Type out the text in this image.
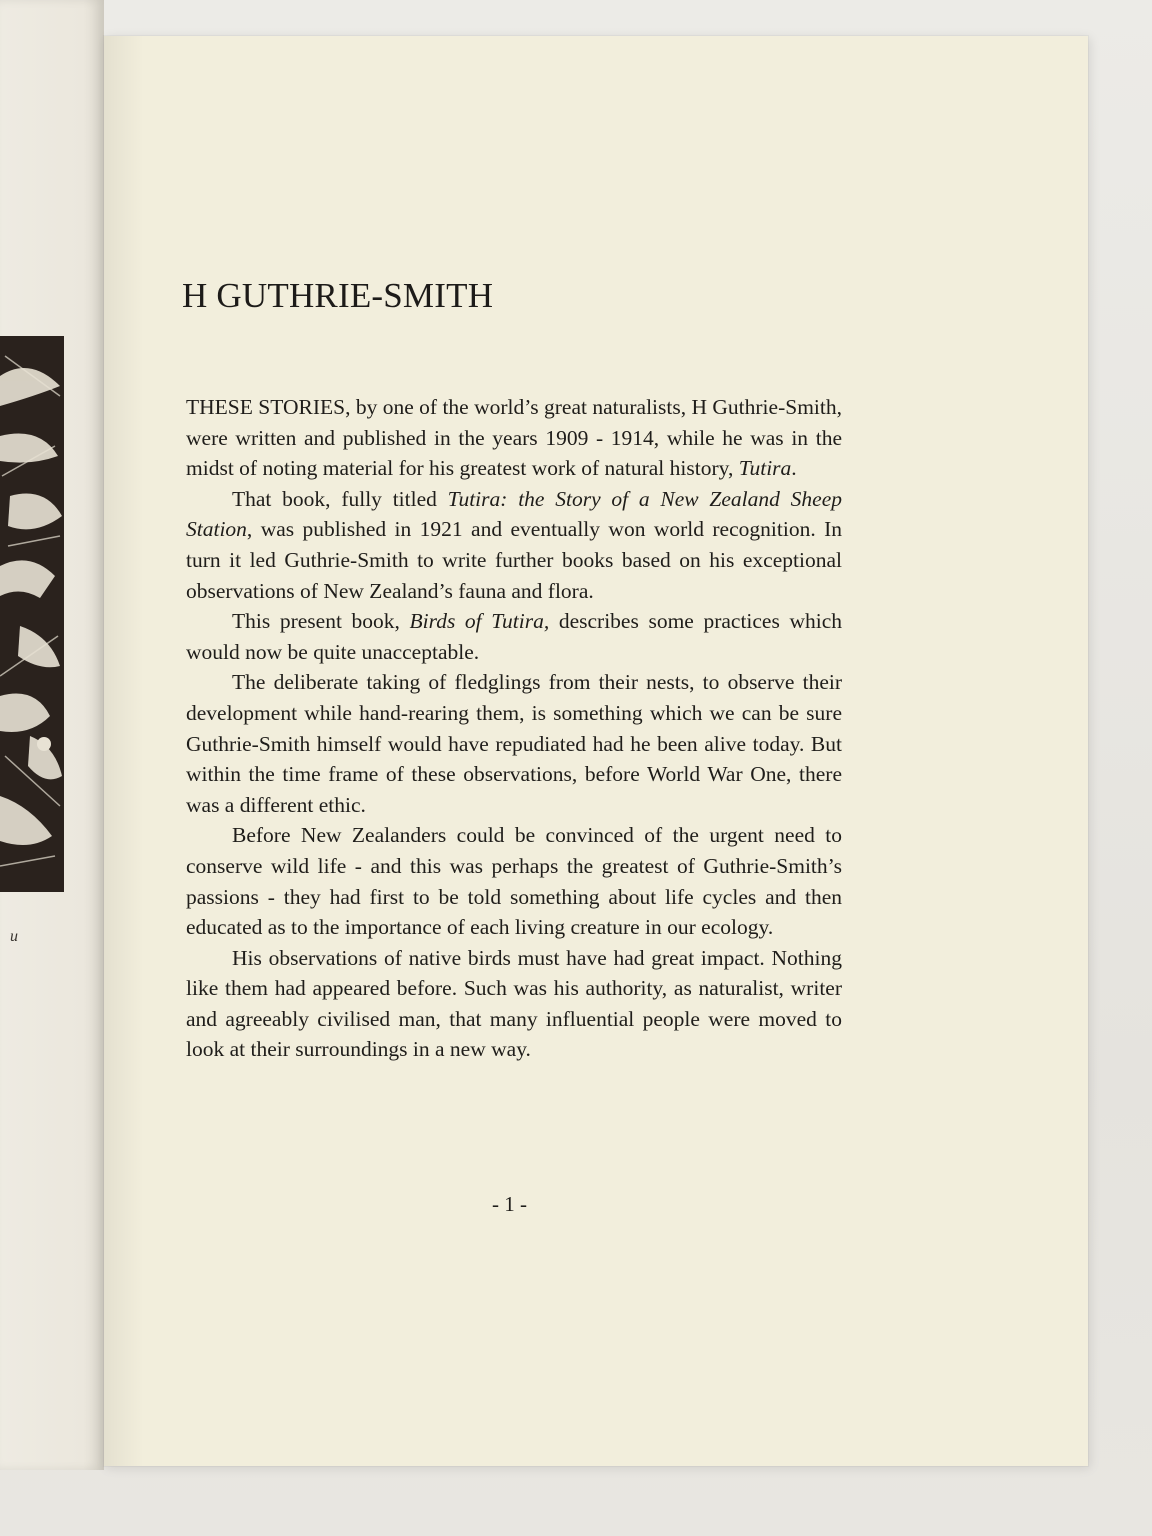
u
H GUTHRIE-SMITH

THESE STORIES, by one of the world’s great naturalists, H Guthrie-Smith, were written and published in the years 1909 - 1914, while he was in the midst of noting material for his greatest work of natural history, Tutira.

That book, fully titled Tutira: the Story of a New Zealand Sheep Station, was published in 1921 and eventually won world recognition. In turn it led Guthrie-Smith to write further books based on his exceptional observations of New Zealand’s fauna and flora.

This present book, Birds of Tutira, describes some practices which would now be quite unacceptable.

The deliberate taking of fledglings from their nests, to observe their development while hand-rearing them, is something which we can be sure Guthrie-Smith himself would have repudiated had he been alive today. But within the time frame of these observations, before World War One, there was a different ethic.

Before New Zealanders could be convinced of the urgent need to conserve wild life - and this was perhaps the greatest of Guthrie-Smith’s passions - they had first to be told something about life cycles and then educated as to the importance of each living creature in our ecology.

His observations of native birds must have had great impact. Nothing like them had appeared before. Such was his authority, as naturalist, writer and agreeably civilised man, that many influential people were moved to look at their surroundings in a new way.

- 1 -
